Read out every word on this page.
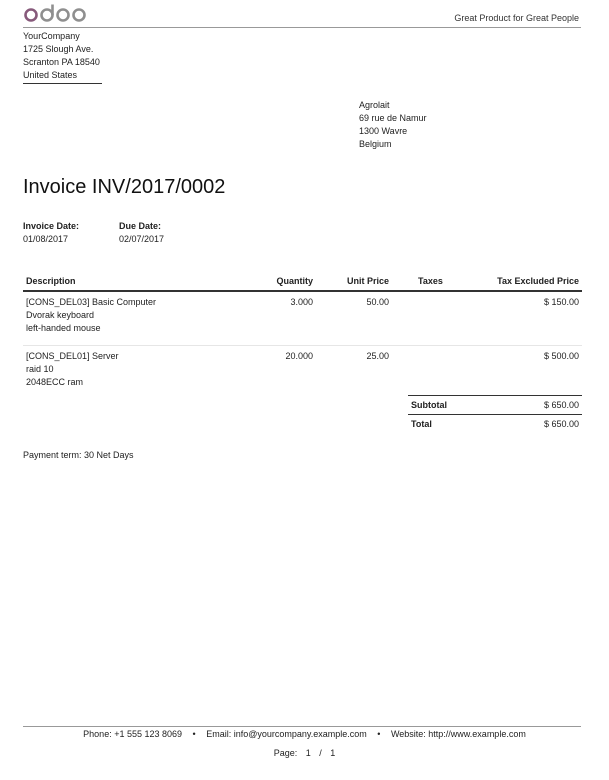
Great Product for Great People
YourCompany
1725 Slough Ave.
Scranton PA 18540
United States
Agrolait
69 rue de Namur
1300 Wavre
Belgium
Invoice INV/2017/0002
Invoice Date:
01/08/2017
Due Date:
02/07/2017
Description	Quantity	Unit Price	Taxes	Tax Excluded Price

[CONS_DEL03] Basic Computer
Dvorak keyboard
left-handed mouse	3.000	50.00		$ 150.00

[CONS_DEL01] Server
raid 10
2048ECC ram	20.000	25.00		$ 500.00
Subtotal	$ 650.00
Total	$ 650.00
Payment term: 30 Net Days
Phone: +1 555 123 8069 • Email: info@yourcompany.example.com • Website: http://www.example.com
Page: 1 / 1
